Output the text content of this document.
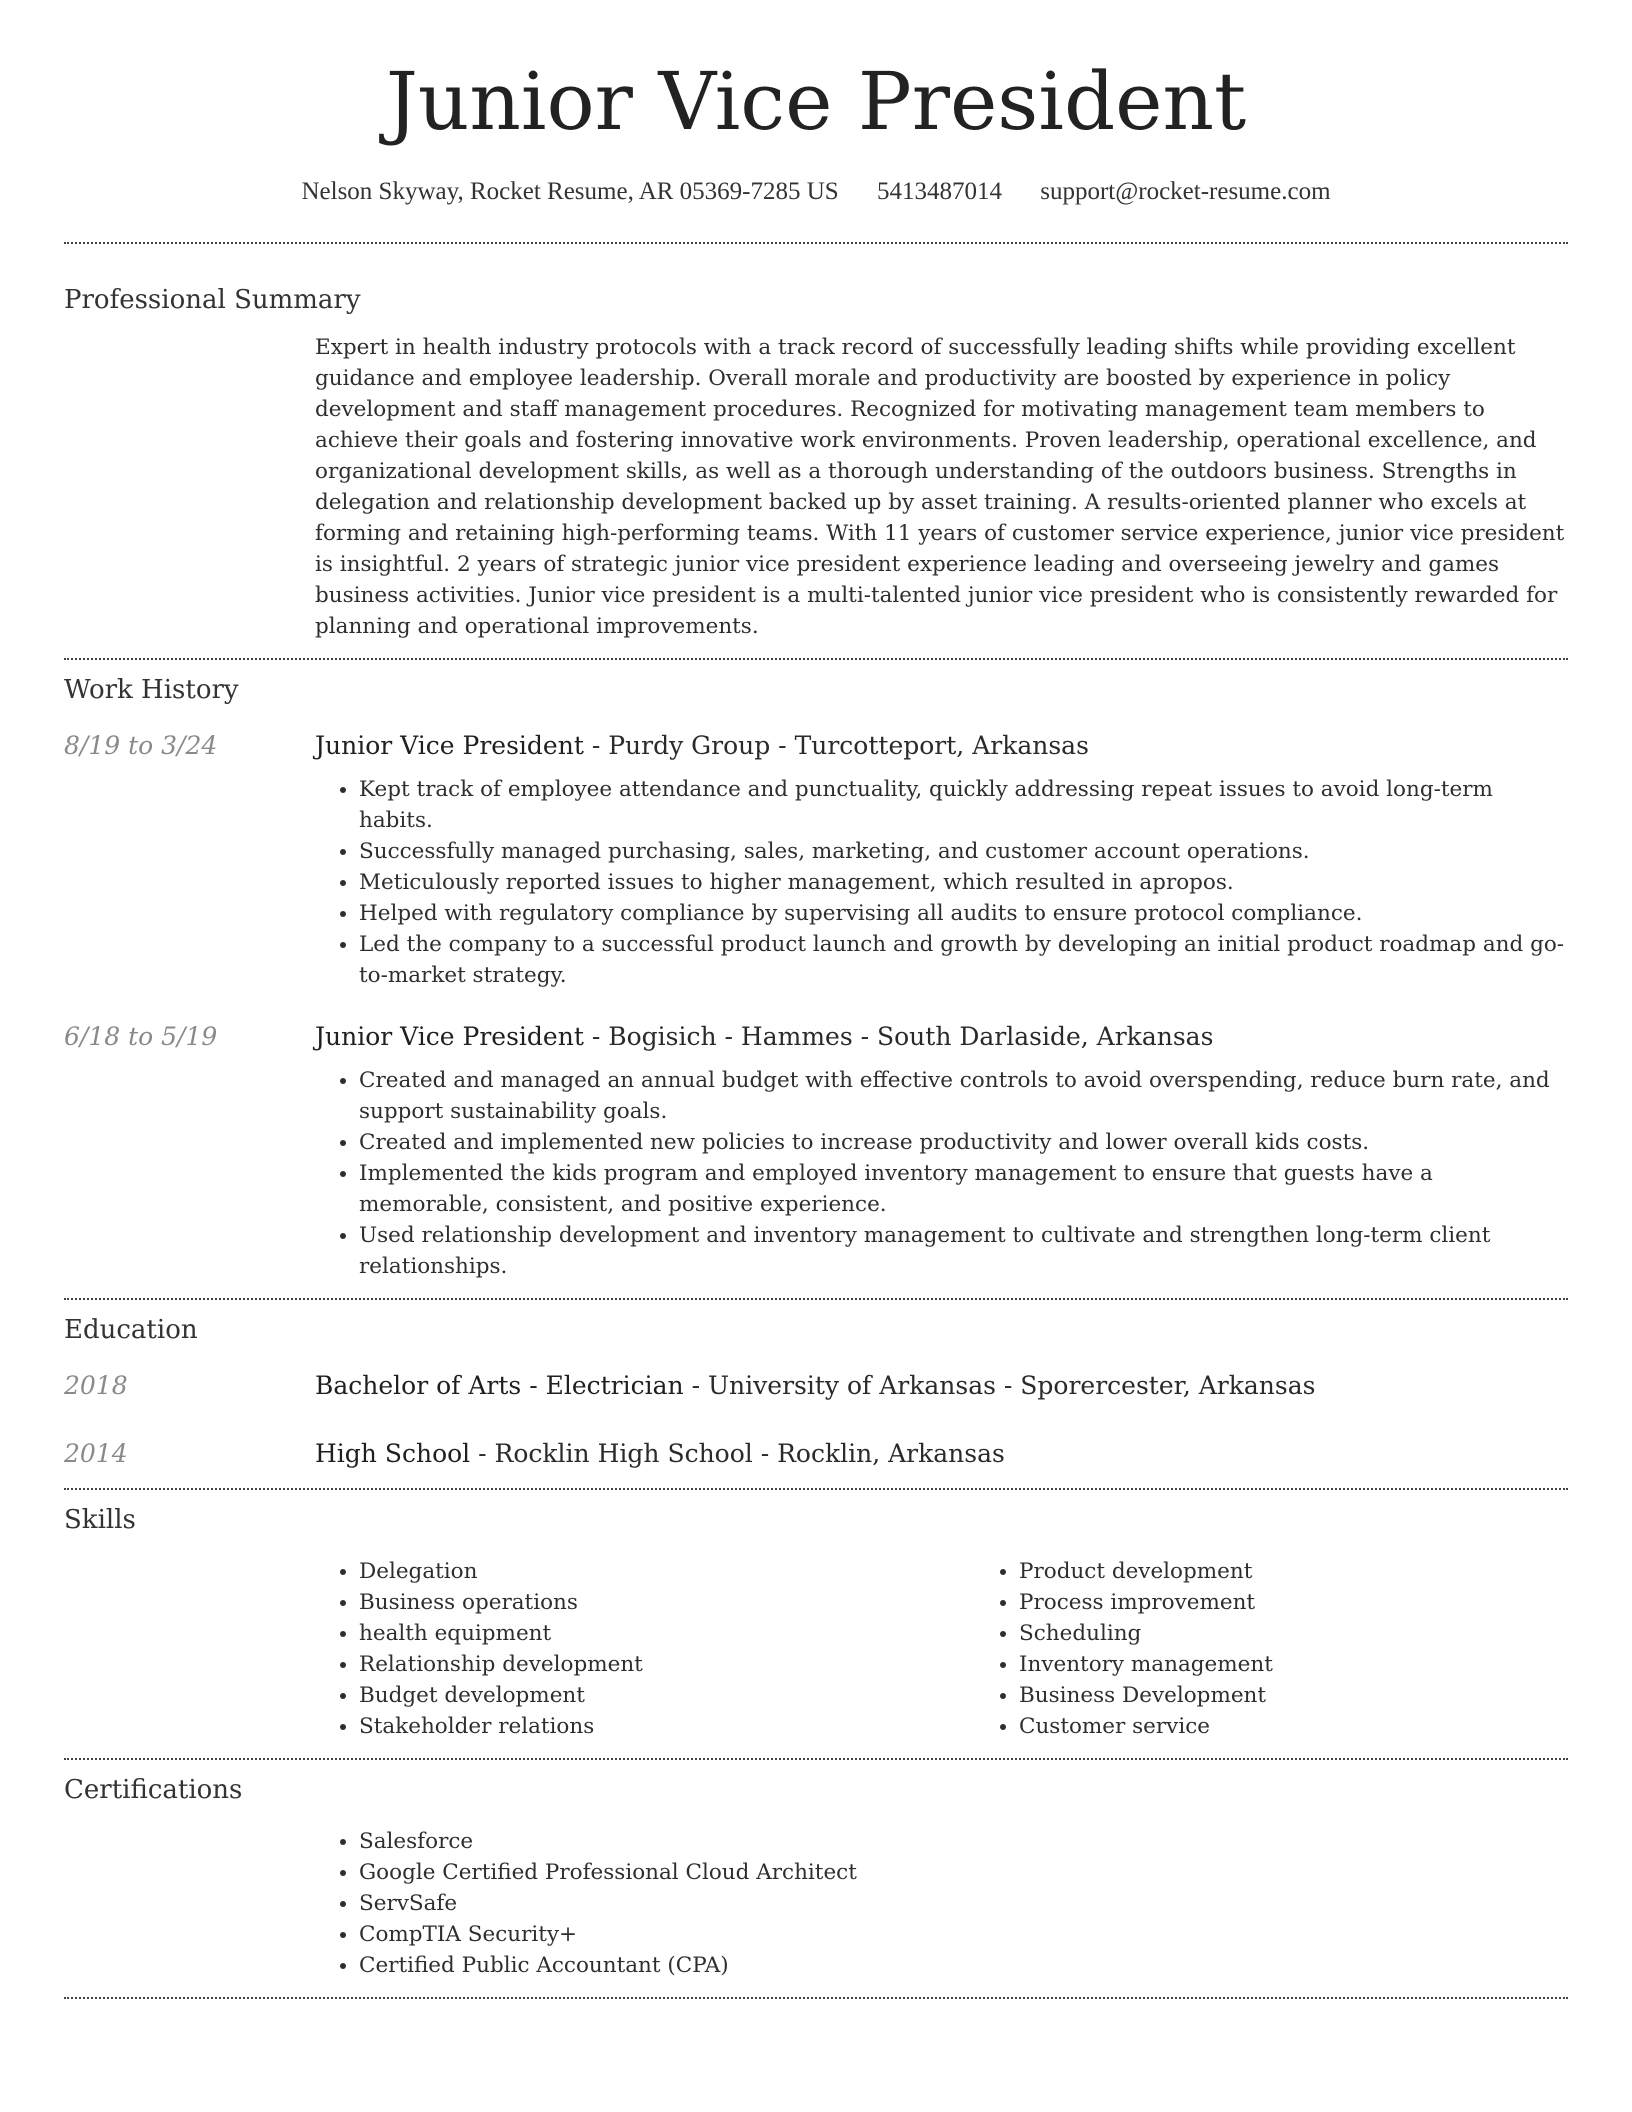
Junior Vice President
Nelson Skyway, Rocket Resume, AR 05369-7285 US 5413487014 support@rocket-resume.com
Professional Summary
Expert in health industry protocols with a track record of successfully leading shifts while providing excellent guidance and employee leadership. Overall morale and productivity are boosted by experience in policy development and staff management procedures. Recognized for motivating management team members to achieve their goals and fostering innovative work environments. Proven leadership, operational excellence, and organizational development skills, as well as a thorough understanding of the outdoors business. Strengths in delegation and relationship development backed up by asset training. A results-oriented planner who excels at forming and retaining high-performing teams. With 11 years of customer service experience, junior vice president is insightful. 2 years of strategic junior vice president experience leading and overseeing jewelry and games business activities. Junior vice president is a multi-talented junior vice president who is consistently rewarded for planning and operational improvements.
Work History
8/19 to 3/24	Junior Vice President - Purdy Group - Turcotteport, Arkansas
• Kept track of employee attendance and punctuality, quickly addressing repeat issues to avoid long-term habits.
• Successfully managed purchasing, sales, marketing, and customer account operations.
• Meticulously reported issues to higher management, which resulted in apropos.
• Helped with regulatory compliance by supervising all audits to ensure protocol compliance.
• Led the company to a successful product launch and growth by developing an initial product roadmap and go-to-market strategy.
6/18 to 5/19	Junior Vice President - Bogisich - Hammes - South Darlaside, Arkansas
• Created and managed an annual budget with effective controls to avoid overspending, reduce burn rate, and support sustainability goals.
• Created and implemented new policies to increase productivity and lower overall kids costs.
• Implemented the kids program and employed inventory management to ensure that guests have a memorable, consistent, and positive experience.
• Used relationship development and inventory management to cultivate and strengthen long-term client relationships.
Education
2018	Bachelor of Arts - Electrician - University of Arkansas - Sporercester, Arkansas
2014	High School - Rocklin High School - Rocklin, Arkansas
Skills
• Delegation
• Business operations
• health equipment
• Relationship development
• Budget development
• Stakeholder relations
• Product development
• Process improvement
• Scheduling
• Inventory management
• Business Development
• Customer service
Certifications
• Salesforce
• Google Certified Professional Cloud Architect
• ServSafe
• CompTIA Security+
• Certified Public Accountant (CPA)
